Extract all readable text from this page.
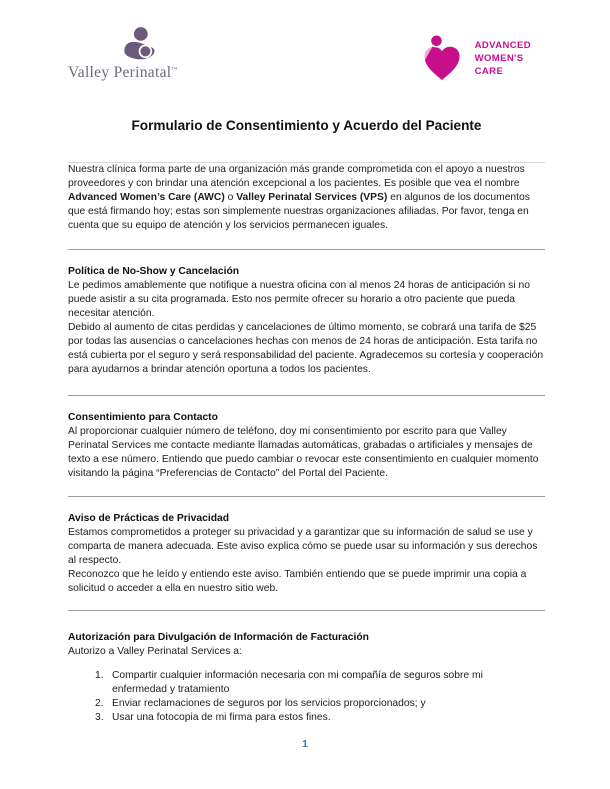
Valley Perinatal™
ADVANCED
WOMEN'S
CARE
Formulario de Consentimiento y Acuerdo del Paciente

Nuestra clínica forma parte de una organización más grande comprometida con el apoyo a nuestros proveedores y con brindar una atención excepcional a los pacientes. Es posible que vea el nombre Advanced Women’s Care (AWC) o Valley Perinatal Services (VPS) en algunos de los documentos que está firmando hoy; estas son simplemente nuestras organizaciones afiliadas. Por favor, tenga en cuenta que su equipo de atención y los servicios permanecen iguales.

Política de No-Show y Cancelación

Le pedimos amablemente que notifique a nuestra oficina con al menos 24 horas de anticipación si no puede asistir a su cita programada. Esto nos permite ofrecer su horario a otro paciente que pueda necesitar atención.

Debido al aumento de citas perdidas y cancelaciones de último momento, se cobrará una tarifa de $25 por todas las ausencias o cancelaciones hechas con menos de 24 horas de anticipación. Esta tarifa no está cubierta por el seguro y será responsabilidad del paciente. Agradecemos su cortesía y cooperación para ayudarnos a brindar atención oportuna a todos los pacientes.

Consentimiento para Contacto

Al proporcionar cualquier número de teléfono, doy mi consentimiento por escrito para que Valley Perinatal Services me contacte mediante llamadas automáticas, grabadas o artificiales y mensajes de texto a ese número. Entiendo que puedo cambiar o revocar este consentimiento en cualquier momento visitando la página “Preferencias de Contacto” del Portal del Paciente.

Aviso de Prácticas de Privacidad

Estamos comprometidos a proteger su privacidad y a garantizar que su información de salud se use y comparta de manera adecuada. Este aviso explica cómo se puede usar su información y sus derechos al respecto.

Reconozco que he leído y entiendo este aviso. También entiendo que se puede imprimir una copia a solicitud o acceder a ella en nuestro sitio web.

Autorización para Divulgación de Información de Facturación

Autorizo a Valley Perinatal Services a:

1. Compartir cualquier información necesaria con mi compañía de seguros sobre mi enfermedad y tratamiento
2. Enviar reclamaciones de seguros por los servicios proporcionados; y
3. Usar una fotocopia de mi firma para estos fines.
1
